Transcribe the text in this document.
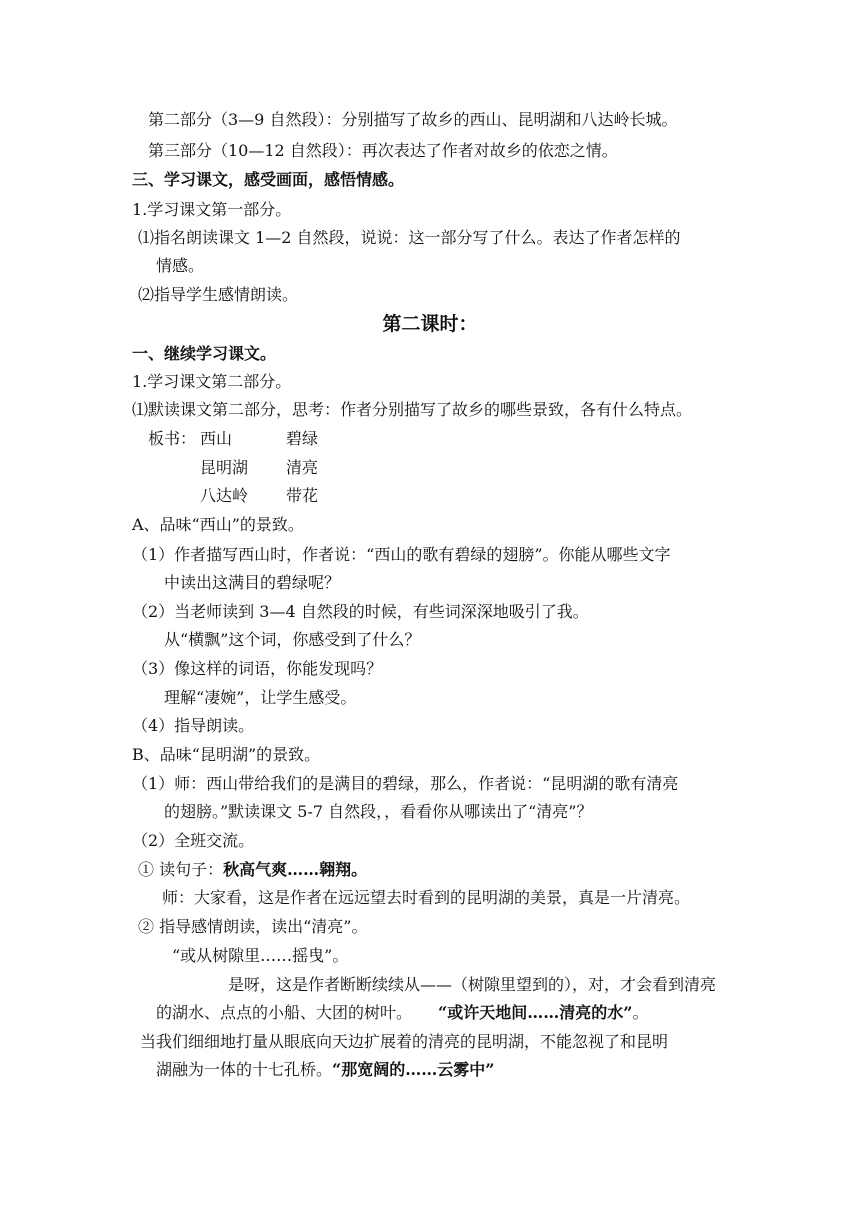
第二部分（3—9 自然段）：分别描写了故乡的西山、昆明湖和八达岭长城。
第三部分（10—12 自然段）：再次表达了作者对故乡的依恋之情。
三、学习课文，感受画面，感悟情感。
1.学习课文第一部分。
⑴指名朗读课文 1—2 自然段，说说：这一部分写了什么。表达了作者怎样的
情感。
⑵指导学生感情朗读。
第二课时：
一、继续学习课文。
1.学习课文第二部分。
⑴默读课文第二部分，思考：作者分别描写了故乡的哪些景致，各有什么特点。
板书： 西山	碧绿
昆明湖 清亮
八达岭 带花
A、品味“西山”的景致。
（1）作者描写西山时，作者说：“西山的歌有碧绿的翅膀”。你能从哪些文字
中读出这满目的碧绿呢？
（2）当老师读到 3—4 自然段的时候，有些词深深地吸引了我。
从“横飘”这个词，你感受到了什么？
（3）像这样的词语，你能发现吗？
理解“凄婉”，让学生感受。
（4）指导朗读。
B、品味“昆明湖”的景致。
（1）师：西山带给我们的是满目的碧绿，那么，作者说：“昆明湖的歌有清亮
的翅膀。”默读课文 5-7 自然段，，看看你从哪读出了“清亮”？
（2）全班交流。
① 读句子：秋高气爽……翱翔。
师：大家看，这是作者在远远望去时看到的昆明湖的美景，真是一片清亮。
② 指导感情朗读，读出“清亮”。
“或从树隙里……摇曳”。
是呀，这是作者断断续续从——（树隙里望到的），对，才会看到清亮
的湖水、点点的小船、大团的树叶。 “或许天地间……清亮的水”。
当我们细细地打量从眼底向天边扩展着的清亮的昆明湖，不能忽视了和昆明
湖融为一体的十七孔桥。“那宽阔的……云雾中”
